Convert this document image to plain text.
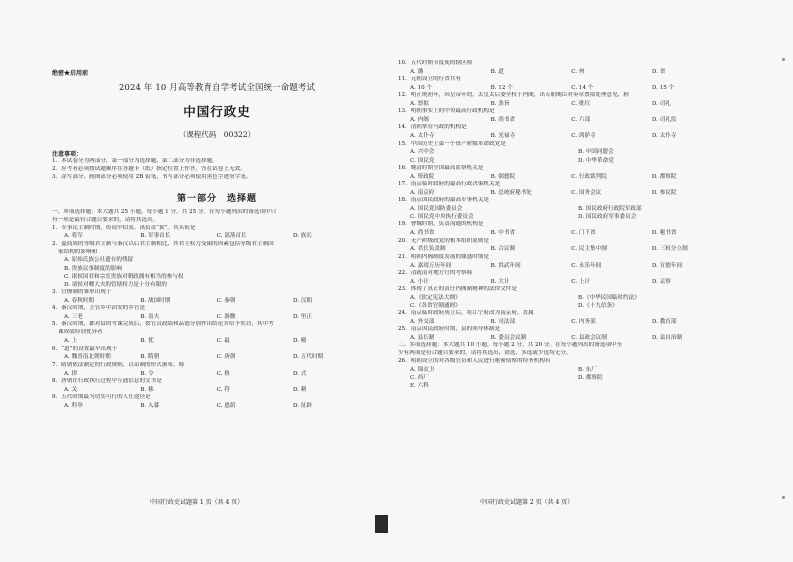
绝密★启用前
2024 年 10 月高等教育自学考试全国统一命题考试
中国行政史
（课程代码　00322）
注意事项：
1．本试卷分为两部分，第一部分为选择题，第二部分为非选择题。
2．应考者必须按试题顺序在答题卡（纸）指定位置上作答，答在试卷上无效。
3．涂写部分、画图部分必须使用 2B 铅笔，书写部分必须使用黑色字迹签字笔。
第一部分　选择题
一、单项选择题：本大题共 25 小题，每小题 1 分，共 25 分。在每小题列出的备选项中只
有一项是最符合题目要求的，请将其选出。
1．军事民主制时期，传说中伯夷、禹负责“狱”。其头衔是
A. 将军	B. 军事首长	C. 部落首长	D. 族长
2．夏商周的等级君主制与秦汉以后君主制相比，其君主权力受限的因素包括等级君主制国
家结构的影响和
A. 原始氏族公社遗存的残留
B. 贵族议事制度的影响
C. 诸侯国君和宗室贵族对朝政拥有相当的参与权
D. 诸侯对卿大夫的管辖权力是十分有限的
3．官僚制的雏形出现于
A. 春秋时期	B. 战国时期	C. 秦朝	D. 汉朝
4．秦汉时期，主管乡中治安的乡官是
A. 三老	B. 啬夫	C. 游徼	D. 里正
5．秦汉时期，郡对县的考课完成后，按官员政绩和品德分别作出结论并给予奖罚，其中考
课成绩特别优异者
A. 上	B. 优	C. 最	D. 殿
6．“道”的设置最早出现于
A. 魏晋南北朝时期	B. 隋朝	C. 唐朝	D. 五代时期
7．隋朝依法制定的行政规则，以诏制的形式颁布，称
A. 律	B. 令	C. 格	D. 式
8．唐朝在行政执行过程中互通信息的文书是
A. 关	B. 移	C. 符	D. 刺
9．五代时期最为切实可行的人仕途径是
A. 科举	B. 入幕	C. 恩荫	D. 征辟
10．五代时期节度使的辖区称
A. 藩	B. 道	C. 州	D. 省
11．元朝设立的行省共有
A. 10 个	B. 12 个	C. 14 个	D. 15 个
12．明正统初年，因皇帝年幼，太皇太后委全权于内阁，出专职阁臣对奏章票拟处理意见，称
A. 票拟	B. 条旨	C. 批红	D. 司礼
13．明朝事实上的中央最高行政机构是
A. 内阁	B. 尚书省	C. 六部	D. 司礼监
14．清朝掌管马政的机构是
A. 太仆寺	B. 光禄寺	C. 鸿胪寺	D. 太仆寺
15．中国历史上第一个资产阶级革命政党是
A. 兴中会	B. 中国同盟会
C. 国民党	D. 中华革命党
16．晚清时期全国最高监察机关是
A. 资政院	B. 弼德院	C. 行政裁判院	D. 都察院
17．南京临时政府的最高行政决策机关是
A. 南京府	B. 总统府秘书处	C. 国务会议	D. 参议院
18．南京国民政府的最高军事机关是
A. 国民党国防委员会	B. 国民政府行政院军政部
C. 国民党中央执行委员会	D. 国民政府军事委员会
19．曹魏时期，负责沟通的机构是
A. 尚书省	B. 中书省	C. 门下省	D. 秘书省
20．无产阶级政党的根本组织原则是
A. 君长负责制	B. 合议制	C. 民主集中制	D. 三权分立制
21．明朝内阁制度发展的鼎盛时期是
A. 嘉靖万历年间	B. 洪武年间	C. 永乐年间	D. 宣德年间
22．清就南对地方官的考察称
A. 小计	B. 大计	C. 上计	D. 京察
23．体现了真正的责任内阁制精神的法律文件是
A.《钦定宪法大纲》	B.《中华民国临时约法》
C.《各省官制通则》	D.《十九信条》
24．南京临时政府成立后，将江宁府改为南京府，直属
A. 外交部	B. 司法部	C. 内务部	D. 教育部
25．南京国民政府时期，县的领导体制是
A. 县长制	B. 委员会议制	C. 县政会议制	D. 县自治制
二、多项选择题：本大题共 10 小题，每小题 2 分，共 20 分。在每小题列出的备选项中至
少有两项是符合题目要求的，请将其选出，错选、多选或少选均无分。
26．明朝设立的对各级官员和人民进行秘密侦察的特务机构有
A. 锦衣卫	B. 东厂
C. 西厂	D. 都察院
E. 六科
中国行政史试题第 1 页（共 4 页）	中国行政史试题第 2 页（共 4 页）
